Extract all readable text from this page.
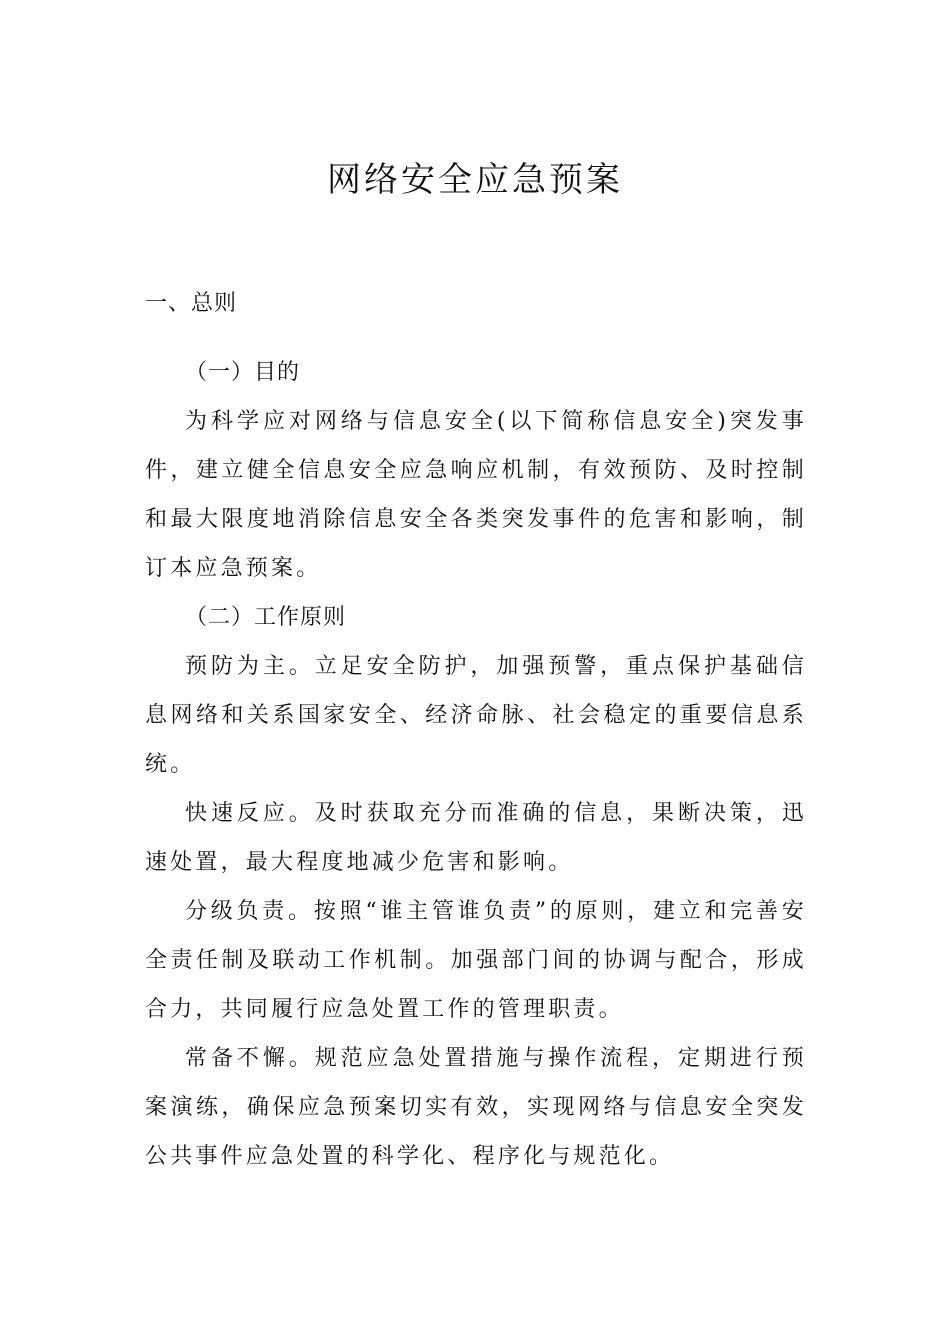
网络安全应急预案
一、总则
（一）目的

为科学应对网络与信息安全(以下简称信息安全)突发事件，建立健全信息安全应急响应机制，有效预防、及时控制和最大限度地消除信息安全各类突发事件的危害和影响，制订本应急预案。

（二）工作原则

预防为主。立足安全防护，加强预警，重点保护基础信息网络和关系国家安全、经济命脉、社会稳定的重要信息系统。

快速反应。及时获取充分而准确的信息，果断决策，迅速处置，最大程度地减少危害和影响。

分级负责。按照“谁主管谁负责”的原则，建立和完善安全责任制及联动工作机制。加强部门间的协调与配合，形成合力，共同履行应急处置工作的管理职责。

常备不懈。规范应急处置措施与操作流程，定期进行预案演练，确保应急预案切实有效，实现网络与信息安全突发公共事件应急处置的科学化、程序化与规范化。
